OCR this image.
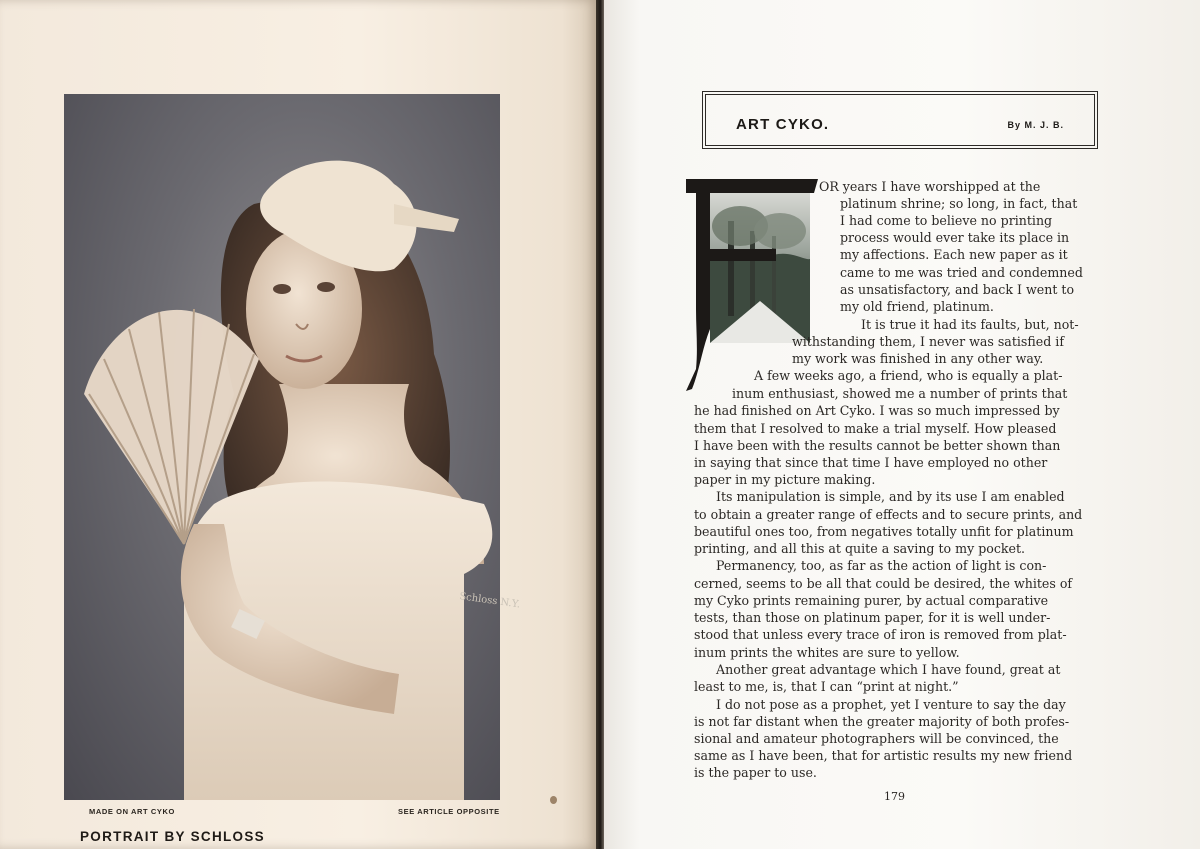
Schloss N.Y.
MADE ON ART CYKO	SEE ARTICLE OPPOSITE
PORTRAIT BY SCHLOSS
ART CYKO.	By M. J. B.
OR years I have worshipped at the
platinum shrine; so long, in fact, that
I had come to believe no printing
process would ever take its place in
my affections. Each new paper as it
came to me was tried and condemned
as unsatisfactory, and back I went to
my old friend, platinum.
It is true it had its faults, but, not-
withstanding them, I never was satisfied if
my work was finished in any other way.
A few weeks ago, a friend, who is equally a plat-
inum enthusiast, showed me a number of prints that
he had finished on Art Cyko. I was so much impressed by
them that I resolved to make a trial myself. How pleased
I have been with the results cannot be better shown than
in saying that since that time I have employed no other
paper in my picture making.
Its manipulation is simple, and by its use I am enabled
to obtain a greater range of effects and to secure prints, and
beautiful ones too, from negatives totally unfit for platinum
printing, and all this at quite a saving to my pocket.
Permanency, too, as far as the action of light is con-
cerned, seems to be all that could be desired, the whites of
my Cyko prints remaining purer, by actual comparative
tests, than those on platinum paper, for it is well under-
stood that unless every trace of iron is removed from plat-
inum prints the whites are sure to yellow.
Another great advantage which I have found, great at
least to me, is, that I can “print at night.”
I do not pose as a prophet, yet I venture to say the day
is not far distant when the greater majority of both profes-
sional and amateur photographers will be convinced, the
same as I have been, that for artistic results my new friend
is the paper to use.
179
